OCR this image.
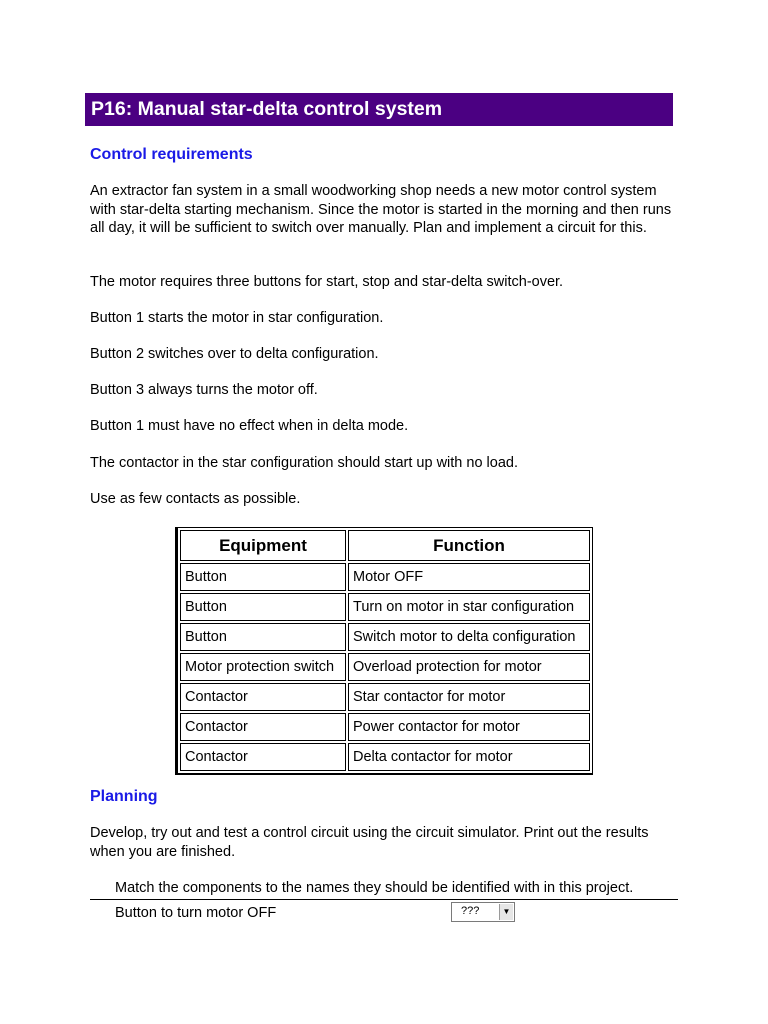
P16: Manual star-delta control system
Control requirements

An extractor fan system in a small woodworking shop needs a new motor control system with star-delta starting mechanism. Since the motor is started in the morning and then runs all day, it will be sufficient to switch over manually. Plan and implement a circuit for this.

The motor requires three buttons for start, stop and star-delta switch-over.

Button 1 starts the motor in star configuration.

Button 2 switches over to delta configuration.

Button 3 always turns the motor off.

Button 1 must have no effect when in delta mode.

The contactor in the star configuration should start up with no load.

Use as few contacts as possible.

Equipment	Function
Button	Motor OFF
Button	Turn on motor in star configuration
Button	Switch motor to delta configuration
Motor protection switch	Overload protection for motor
Contactor	Star contactor for motor
Contactor	Power contactor for motor
Contactor	Delta contactor for motor
Planning

Develop, try out and test a control circuit using the circuit simulator. Print out the results when you are finished.

Match the components to the names they should be identified with in this project.

Button to turn motor OFF	???	▼
